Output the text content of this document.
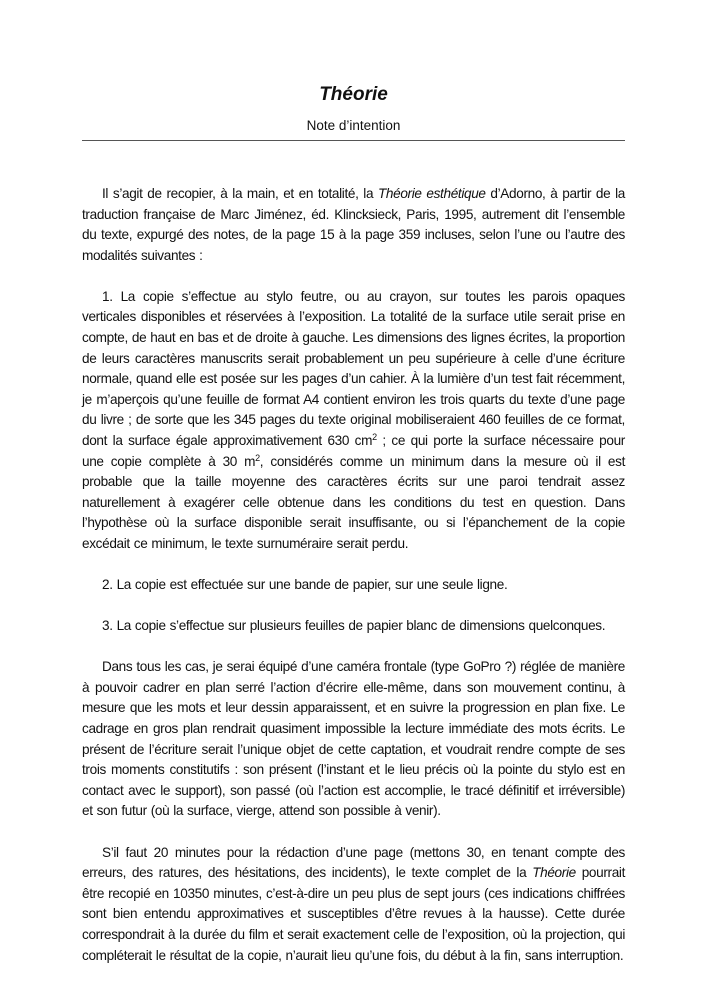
Théorie
Note d’intention

Il s’agit de recopier, à la main, et en totalité, la Théorie esthétique d’Adorno, à partir de la traduction française de Marc Jiménez, éd. Klincksieck, Paris, 1995, autrement dit l’ensemble du texte, expurgé des notes, de la page 15 à la page 359 incluses, selon l’une ou l’autre des modalités suivantes :

1. La copie s’effectue au stylo feutre, ou au crayon, sur toutes les parois opaques verticales disponibles et réservées à l’exposition. La totalité de la surface utile serait prise en compte, de haut en bas et de droite à gauche. Les dimensions des lignes écrites, la proportion de leurs caractères manuscrits serait probablement un peu supérieure à celle d’une écriture normale, quand elle est posée sur les pages d’un cahier. À la lumière d’un test fait récemment, je m’aperçois qu’une feuille de format A4 contient environ les trois quarts du texte d’une page du livre ; de sorte que les 345 pages du texte original mobiliseraient 460 feuilles de ce format, dont la surface égale approximativement 630 $cm^2$ ; ce qui porte la surface nécessaire pour une copie complète à 30 $m^2$, considérés comme un minimum dans la mesure où il est probable que la taille moyenne des caractères écrits sur une paroi tendrait assez naturellement à exagérer celle obtenue dans les conditions du test en question. Dans l’hypothèse où la surface disponible serait insuffisante, ou si l’épanchement de la copie excédait ce minimum, le texte surnuméraire serait perdu.

2. La copie est effectuée sur une bande de papier, sur une seule ligne.

3. La copie s’effectue sur plusieurs feuilles de papier blanc de dimensions quelconques.

Dans tous les cas, je serai équipé d’une caméra frontale (type GoPro ?) réglée de manière à pouvoir cadrer en plan serré l’action d’écrire elle-même, dans son mouvement continu, à mesure que les mots et leur dessin apparaissent, et en suivre la progression en plan fixe. Le cadrage en gros plan rendrait quasiment impossible la lecture immédiate des mots écrits. Le présent de l’écriture serait l’unique objet de cette captation, et voudrait rendre compte de ses trois moments constitutifs : son présent (l’instant et le lieu précis où la pointe du stylo est en contact avec le support), son passé (où l’action est accomplie, le tracé définitif et irréversible) et son futur (où la surface, vierge, attend son possible à venir).

S’il faut 20 minutes pour la rédaction d’une page (mettons 30, en tenant compte des erreurs, des ratures, des hésitations, des incidents), le texte complet de la Théorie pourrait être recopié en 10350 minutes, c’est-à-dire un peu plus de sept jours (ces indications chiffrées sont bien entendu approximatives et susceptibles d’être revues à la hausse). Cette durée correspondrait à la durée du film et serait exactement celle de l’exposition, où la projection, qui compléterait le résultat de la copie, n’aurait lieu qu’une fois, du début à la fin, sans interruption.
